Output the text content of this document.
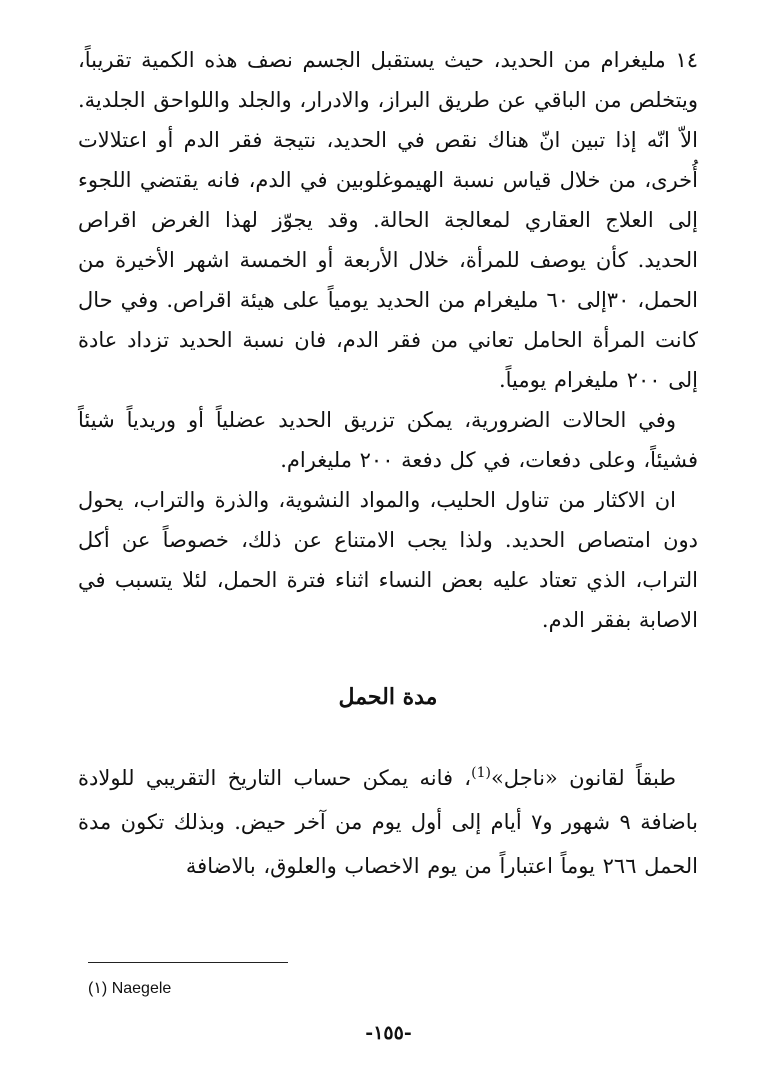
١٤ مليغرام من الحديد، حيث يستقبل الجسم نصف هذه الكمية تقريباً، ويتخلص من الباقي عن طريق البراز، والادرار، والجلد واللواحق الجلدية. الاّ انّه إذا تبين انّ هناك نقص في الحديد، نتيجة فقر الدم أو اعتلالات أُخرى، من خلال قياس نسبة الهيموغلوبين في الدم، فانه يقتضي اللجوء إلى العلاج العقاري لمعالجة الحالة. وقد يجوّز لهذا الغرض اقراص الحديد. كأن يوصف للمرأة، خلال الأربعة أو الخمسة اشهر الأخيرة من الحمل، ٣٠إلى ٦٠ مليغرام من الحديد يومياً على هيئة اقراص. وفي حال كانت المرأة الحامل تعاني من فقر الدم، فان نسبة الحديد تزداد عادة إلى ٢٠٠ مليغرام يومياً.

وفي الحالات الضرورية، يمكن تزريق الحديد عضلياً أو وريدياً شيئاً فشيئاً، وعلى دفعات، في كل دفعة ٢٠٠ مليغرام.

ان الاكثار من تناول الحليب، والمواد النشوية، والذرة والتراب، يحول دون امتصاص الحديد. ولذا يجب الامتناع عن ذلك، خصوصاً عن أكل التراب، الذي تعتاد عليه بعض النساء اثناء فترة الحمل، لئلا يتسبب في الاصابة بفقر الدم.

مدة الحمل

طبقاً لقانون «ناجل»$^{(1)}$، فانه يمكن حساب التاريخ التقريبي للولادة باضافة ٩ شهور و٧ أيام إلى أول يوم من آخر حيض. وبذلك تكون مدة الحمل ٢٦٦ يوماً اعتباراً من يوم الاخصاب والعلوق، بالاضافة

(١) Naegele
-١٥٥-
